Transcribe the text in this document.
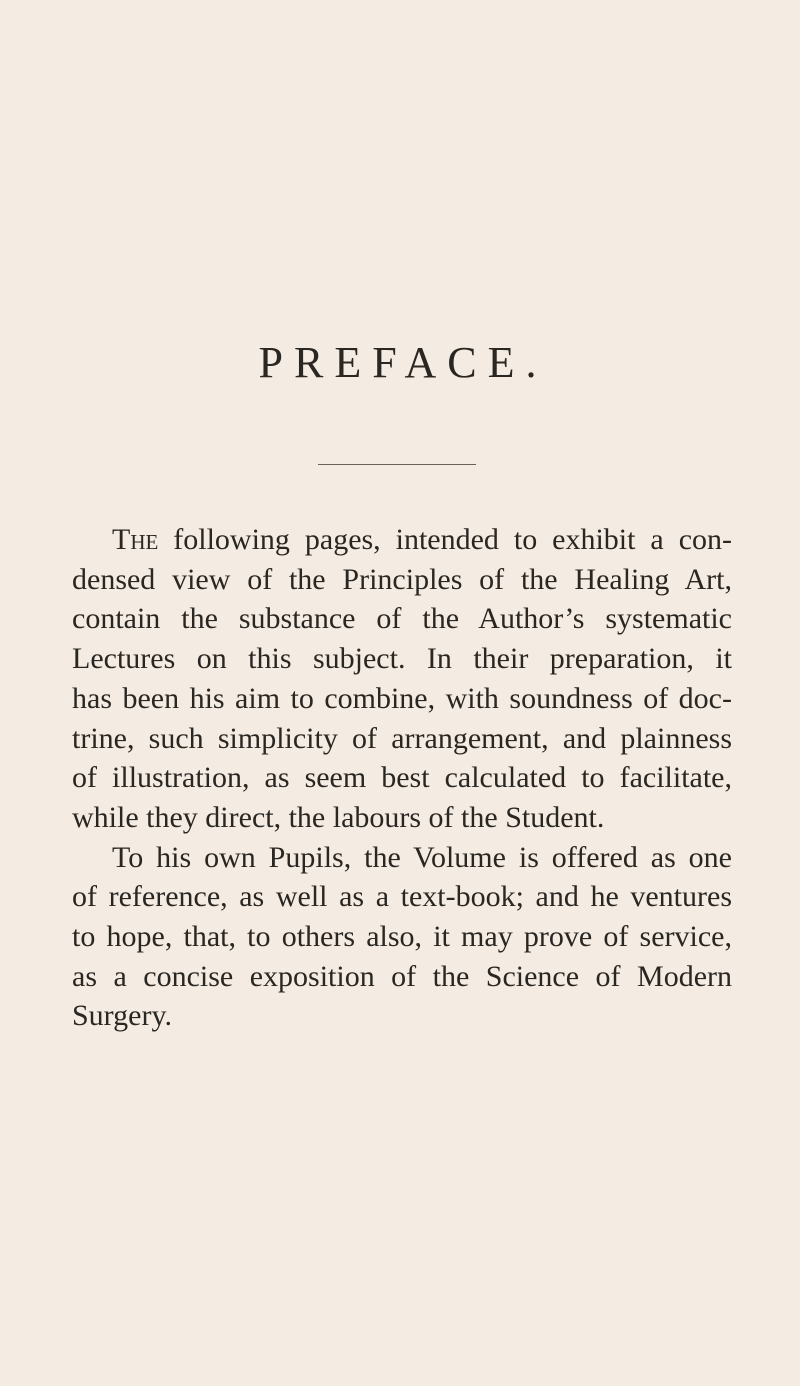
PREFACE.

The following pages, intended to exhibit a con-
densed view of the Principles of the Healing Art,
contain the substance of the Author’s systematic
Lectures on this subject. In their preparation, it
has been his aim to combine, with soundness of doc-
trine, such simplicity of arrangement, and plainness
of illustration, as seem best calculated to facilitate,
while they direct, the labours of the Student.

To his own Pupils, the Volume is offered as one
of reference, as well as a text-book; and he ventures
to hope, that, to others also, it may prove of service,
as a concise exposition of the Science of Modern
Surgery.
